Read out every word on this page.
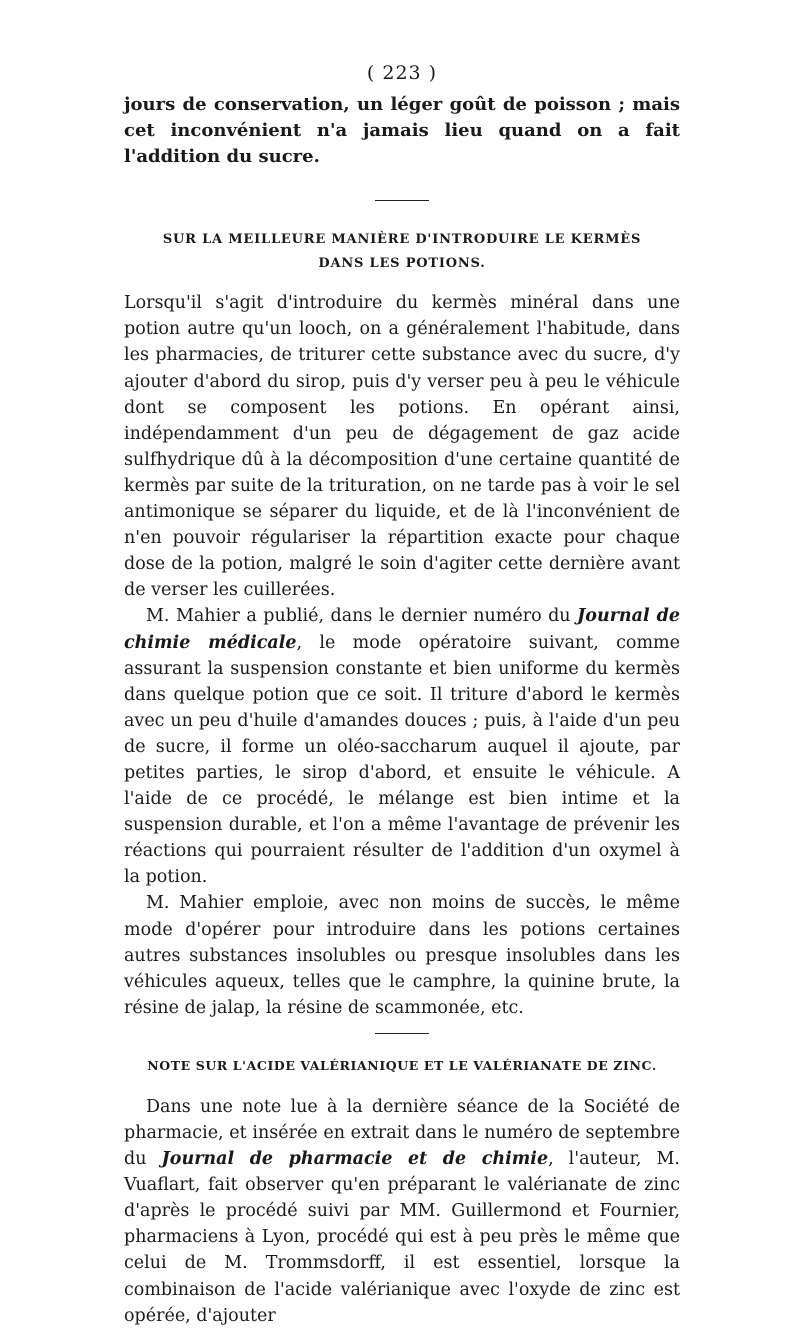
( 223 )

jours de conservation, un léger goût de poisson ; mais cet inconvénient n'a jamais lieu quand on a fait l'addition du sucre.

SUR LA MEILLEURE MANIÈRE D'INTRODUIRE LE KERMÈS

DANS LES POTIONS.

Lorsqu'il s'agit d'introduire du kermès minéral dans une potion autre qu'un looch, on a généralement l'habitude, dans les pharmacies, de triturer cette substance avec du sucre, d'y ajouter d'abord du sirop, puis d'y verser peu à peu le véhicule dont se composent les potions. En opérant ainsi, indépendamment d'un peu de dégagement de gaz acide sulfhydrique dû à la décomposition d'une certaine quantité de kermès par suite de la trituration, on ne tarde pas à voir le sel antimonique se séparer du liquide, et de là l'inconvénient de n'en pouvoir régulariser la répartition exacte pour chaque dose de la potion, malgré le soin d'agiter cette dernière avant de verser les cuillerées.

M. Mahier a publié, dans le dernier numéro du Journal de chimie médicale, le mode opératoire suivant, comme assurant la suspension constante et bien uniforme du kermès dans quelque potion que ce soit. Il triture d'abord le kermès avec un peu d'huile d'amandes douces ; puis, à l'aide d'un peu de sucre, il forme un oléo-saccharum auquel il ajoute, par petites parties, le sirop d'abord, et ensuite le véhicule. A l'aide de ce procédé, le mélange est bien intime et la suspension durable, et l'on a même l'avantage de prévenir les réactions qui pourraient résulter de l'addition d'un oxymel à la potion.

M. Mahier emploie, avec non moins de succès, le même mode d'opérer pour introduire dans les potions certaines autres substances insolubles ou presque insolubles dans les véhicules aqueux, telles que le camphre, la quinine brute, la résine de jalap, la résine de scammonée, etc.

NOTE SUR L'ACIDE VALÉRIANIQUE ET LE VALÉRIANATE DE ZINC.

Dans une note lue à la dernière séance de la Société de pharmacie, et insérée en extrait dans le numéro de septembre du Journal de pharmacie et de chimie, l'auteur, M. Vuaflart, fait observer qu'en préparant le valérianate de zinc d'après le procédé suivi par MM. Guillermond et Fournier, pharmaciens à Lyon, procédé qui est à peu près le même que celui de M. Trommsdorff, il est essentiel, lorsque la combinaison de l'acide valérianique avec l'oxyde de zinc est opérée, d'ajouter
